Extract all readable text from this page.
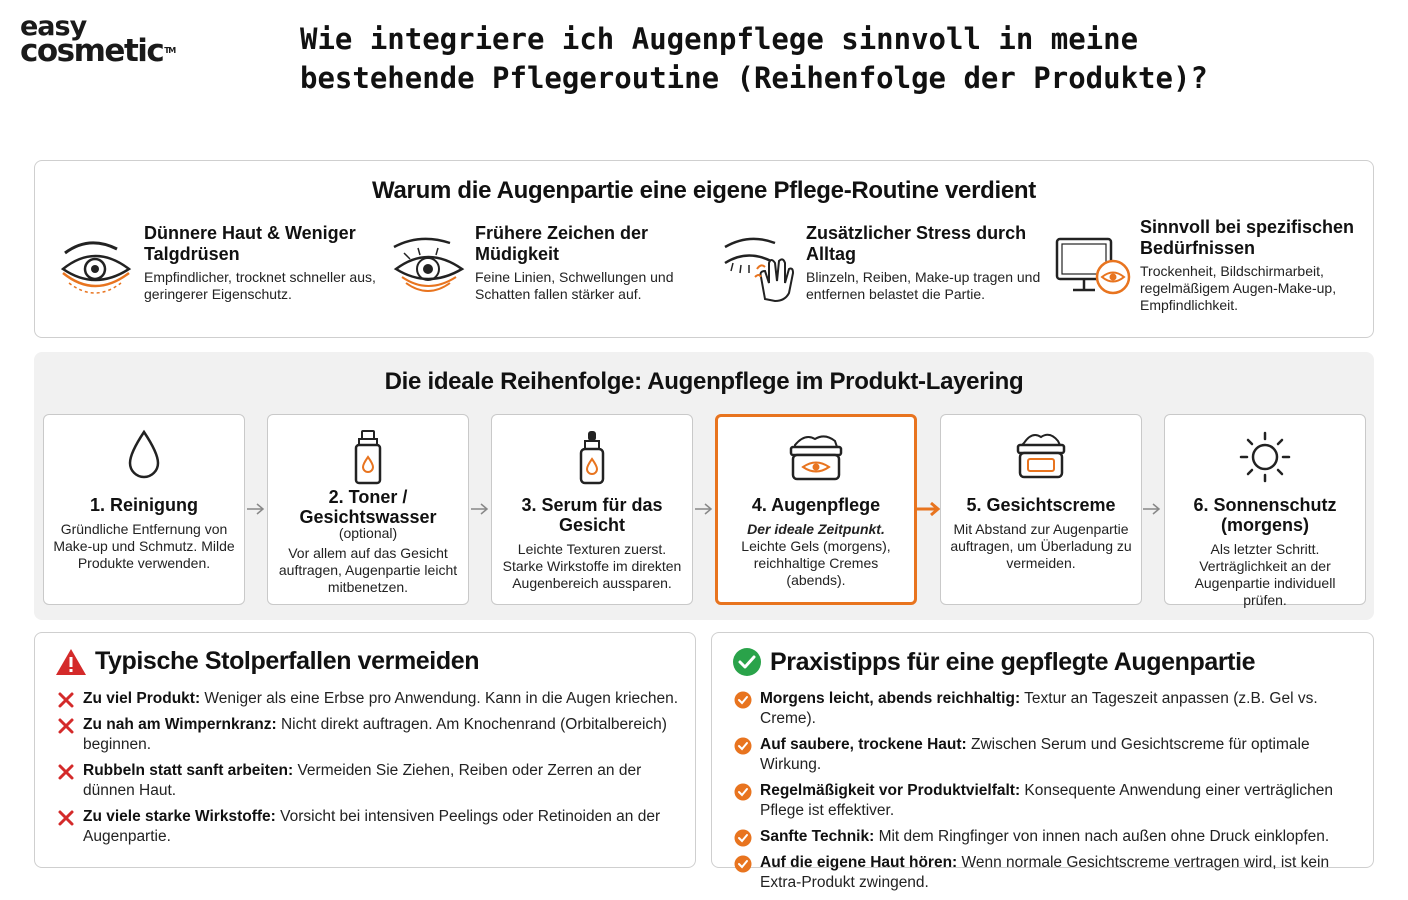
easy
cosmetic™	Wie integriere ich Augenpflege sinnvoll in meine bestehende Pflegeroutine (Reihenfolge der Produkte)?
Warum die Augenpartie eine eigene Pflege-Routine verdient
Dünnere Haut & Weniger Talgdrüsen
Empfindlicher, trocknet schneller aus, geringerer Eigenschutz.
Frühere Zeichen der Müdigkeit
Feine Linien, Schwellungen und Schatten fallen stärker auf.
Zusätzlicher Stress durch Alltag
Blinzeln, Reiben, Make-up tragen und entfernen belastet die Partie.
Sinnvoll bei spezifischen Bedürfnissen
Trockenheit, Bildschirmarbeit, regelmäßigem Augen-Make-up, Empfindlichkeit.
Die ideale Reihenfolge: Augenpflege im Produkt-Layering
1. Reinigung
Gründliche Entfernung von Make-up und Schmutz. Milde Produkte verwenden.
2. Toner / Gesichtswasser
(optional)
Vor allem auf das Gesicht auftragen, Augenpartie leicht mitbenetzen.
3. Serum für das Gesicht
Leichte Texturen zuerst. Starke Wirkstoffe im direkten Augenbereich aussparen.
4. Augenpflege
Der ideale Zeitpunkt.
Leichte Gels (morgens), reichhaltige Cremes (abends).
5. Gesichtscreme
Mit Abstand zur Augenpartie auftragen, um Überladung zu vermeiden.
6. Sonnenschutz (morgens)
Als letzter Schritt. Verträglichkeit an der Augenpartie individuell prüfen.
Typische Stolperfallen vermeiden
Zu viel Produkt: Weniger als eine Erbse pro Anwendung. Kann in die Augen kriechen.
Zu nah am Wimpernkranz: Nicht direkt auftragen. Am Knochenrand (Orbitalbereich) beginnen.
Rubbeln statt sanft arbeiten: Vermeiden Sie Ziehen, Reiben oder Zerren an der dünnen Haut.
Zu viele starke Wirkstoffe: Vorsicht bei intensiven Peelings oder Retinoiden an der Augenpartie.
Praxistipps für eine gepflegte Augenpartie
Morgens leicht, abends reichhaltig: Textur an Tageszeit anpassen (z.B. Gel vs. Creme).
Auf saubere, trockene Haut: Zwischen Serum und Gesichtscreme für optimale Wirkung.
Regelmäßigkeit vor Produktvielfalt: Konsequente Anwendung einer verträglichen Pflege ist effektiver.
Sanfte Technik: Mit dem Ringfinger von innen nach außen ohne Druck einklopfen.
Auf die eigene Haut hören: Wenn normale Gesichtscreme vertragen wird, ist kein Extra-Produkt zwingend.
